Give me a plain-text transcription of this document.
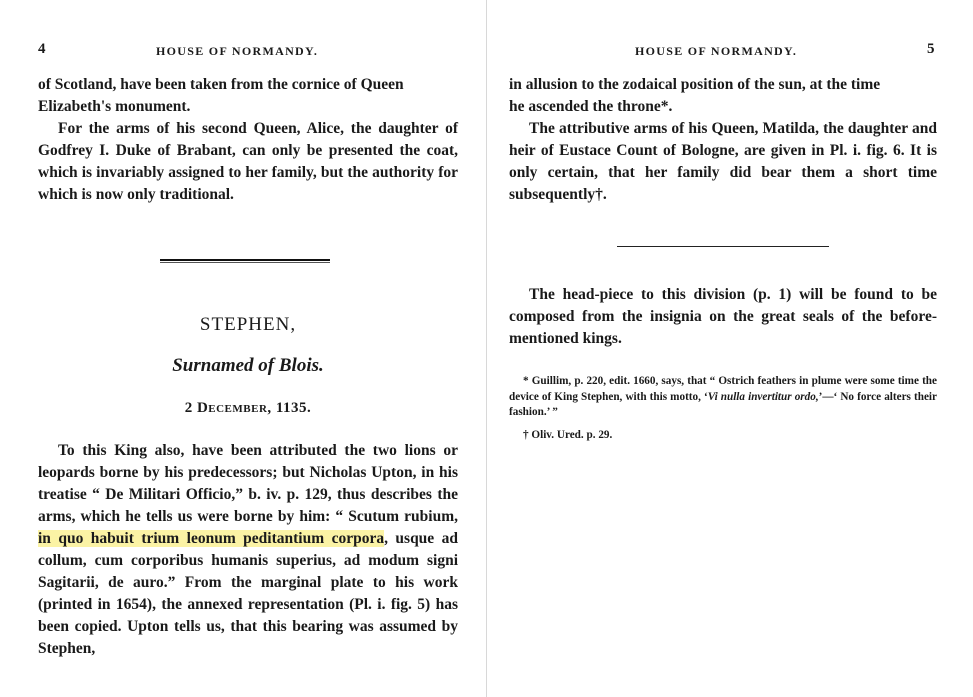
4	HOUSE OF NORMANDY.

of Scotland, have been taken from the cornice of Queen

Elizabeth's monument.

For the arms of his second Queen, Alice, the daughter of Godfrey I. Duke of Brabant, can only be presented the coat, which is invariably assigned to her family, but the authority for which is now only traditional.
STEPHEN,
Surnamed of Blois.
2 December, 1135.
To this King also, have been attributed the two lions or leopards borne by his predecessors; but Nicholas Upton, in his treatise “ De Militari Officio,” b. iv. p. 129, thus describes the arms, which he tells us were borne by him: “ Scutum rubium, in quo habuit trium leonum peditantium corpora, usque ad collum, cum corporibus humanis superius, ad modum signi Sagitarii, de auro.” From the marginal plate to his work (printed in 1654), the annexed representation (Pl. i. fig. 5) has been copied. Upton tells us, that this bearing was assumed by Stephen,
HOUSE OF NORMANDY.	5

in allusion to the zodaical position of the sun, at the time

he ascended the throne*.

The attributive arms of his Queen, Matilda, the daughter and heir of Eustace Count of Bologne, are given in Pl. i. fig. 6. It is only certain, that her family did bear them a short time subsequently†.
The head-piece to this division (p. 1) will be found to be composed from the insignia on the great seals of the before-mentioned kings.
* Guillim, p. 220, edit. 1660, says, that “ Ostrich feathers in plume were some time the device of King Stephen, with this motto, ‘Vi nulla invertitur ordo,’—‘ No force alters their fashion.’ ”
† Oliv. Ured. p. 29.
